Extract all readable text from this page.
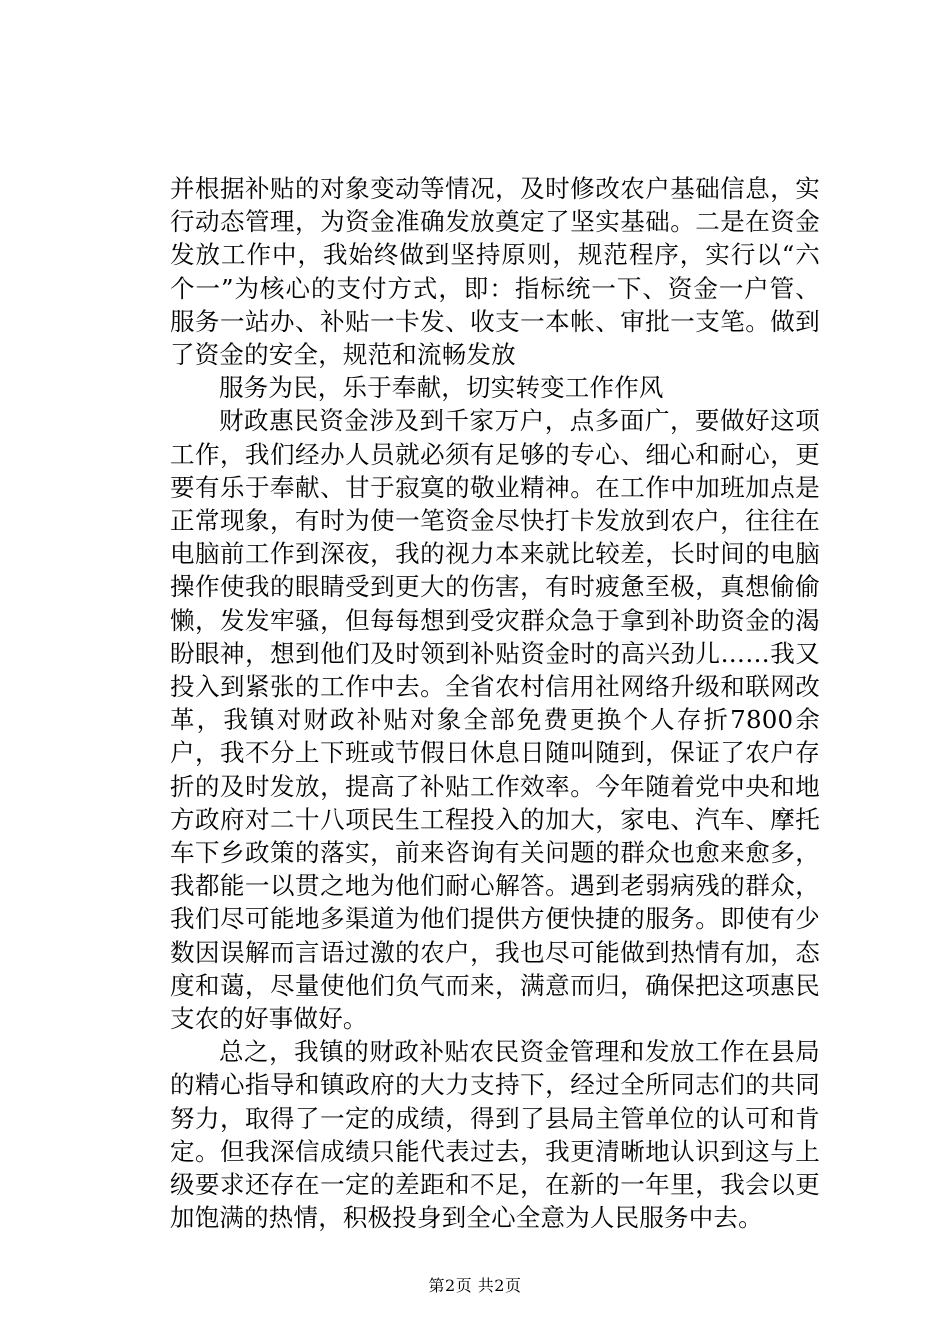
并根据补贴的对象变动等情况，及时修改农户基础信息，实行动态管理，为资金准确发放奠定了坚实基础。二是在资金发放工作中，我始终做到坚持原则，规范程序，实行以“六个一”为核心的支付方式，即：指标统一下、资金一户管、服务一站办、补贴一卡发、收支一本帐、审批一支笔。做到了资金的安全，规范和流畅发放

服务为民，乐于奉献，切实转变工作作风

财政惠民资金涉及到千家万户，点多面广，要做好这项工作，我们经办人员就必须有足够的专心、细心和耐心，更要有乐于奉献、甘于寂寞的敬业精神。在工作中加班加点是正常现象，有时为使一笔资金尽快打卡发放到农户，往往在电脑前工作到深夜，我的视力本来就比较差，长时间的电脑操作使我的眼睛受到更大的伤害，有时疲惫至极，真想偷偷懒，发发牢骚，但每每想到受灾群众急于拿到补助资金的渴盼眼神，想到他们及时领到补贴资金时的高兴劲儿……我又投入到紧张的工作中去。全省农村信用社网络升级和联网改革，我镇对财政补贴对象全部免费更换个人存折7800余户，我不分上下班或节假日休息日随叫随到，保证了农户存折的及时发放，提高了补贴工作效率。今年随着党中央和地方政府对二十八项民生工程投入的加大，家电、汽车、摩托车下乡政策的落实，前来咨询有关问题的群众也愈来愈多，我都能一以贯之地为他们耐心解答。遇到老弱病残的群众，我们尽可能地多渠道为他们提供方便快捷的服务。即使有少数因误解而言语过激的农户，我也尽可能做到热情有加，态度和蔼，尽量使他们负气而来，满意而归，确保把这项惠民支农的好事做好。

总之，我镇的财政补贴农民资金管理和发放工作在县局的精心指导和镇政府的大力支持下，经过全所同志们的共同努力，取得了一定的成绩，得到了县局主管单位的认可和肯定。但我深信成绩只能代表过去，我更清晰地认识到这与上级要求还存在一定的差距和不足，在新的一年里，我会以更加饱满的热情，积极投身到全心全意为人民服务中去。

第2页 共2页
